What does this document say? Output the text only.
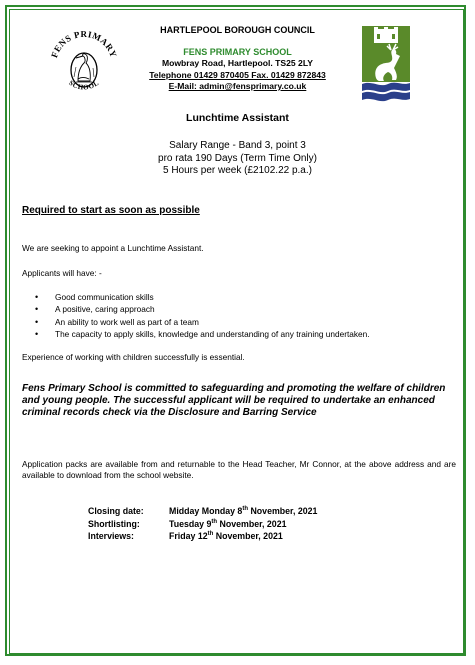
FENS PRIMARY
SCHOOL
HARTLEPOOL BOROUGH COUNCIL
FENS PRIMARY SCHOOL
Mowbray Road, Hartlepool. TS25 2LY
Telephone 01429 870405 Fax. 01429 872843
E-Mail: admin@fensprimary.co.uk
Lunchtime Assistant
Salary Range - Band 3, point 3
pro rata 190 Days (Term Time Only)
5 Hours per week (£2102.22 p.a.)
Required to start as soon as possible
We are seeking to appoint a Lunchtime Assistant.
Applicants will have: -
• Good communication skills
• A positive, caring approach
• An ability to work well as part of a team
• The capacity to apply skills, knowledge and understanding of any training undertaken.
Experience of working with children successfully is essential.
Fens Primary School is committed to safeguarding and promoting the welfare of children and young people. The successful applicant will be required to undertake an enhanced criminal records check via the Disclosure and Barring Service
Application packs are available from and returnable to the Head Teacher, Mr Connor, at the above address and are available to download from the school website.
Closing date:	Midday Monday 8th November, 2021
Shortlisting:	Tuesday 9th November, 2021
Interviews:	Friday 12th November, 2021
